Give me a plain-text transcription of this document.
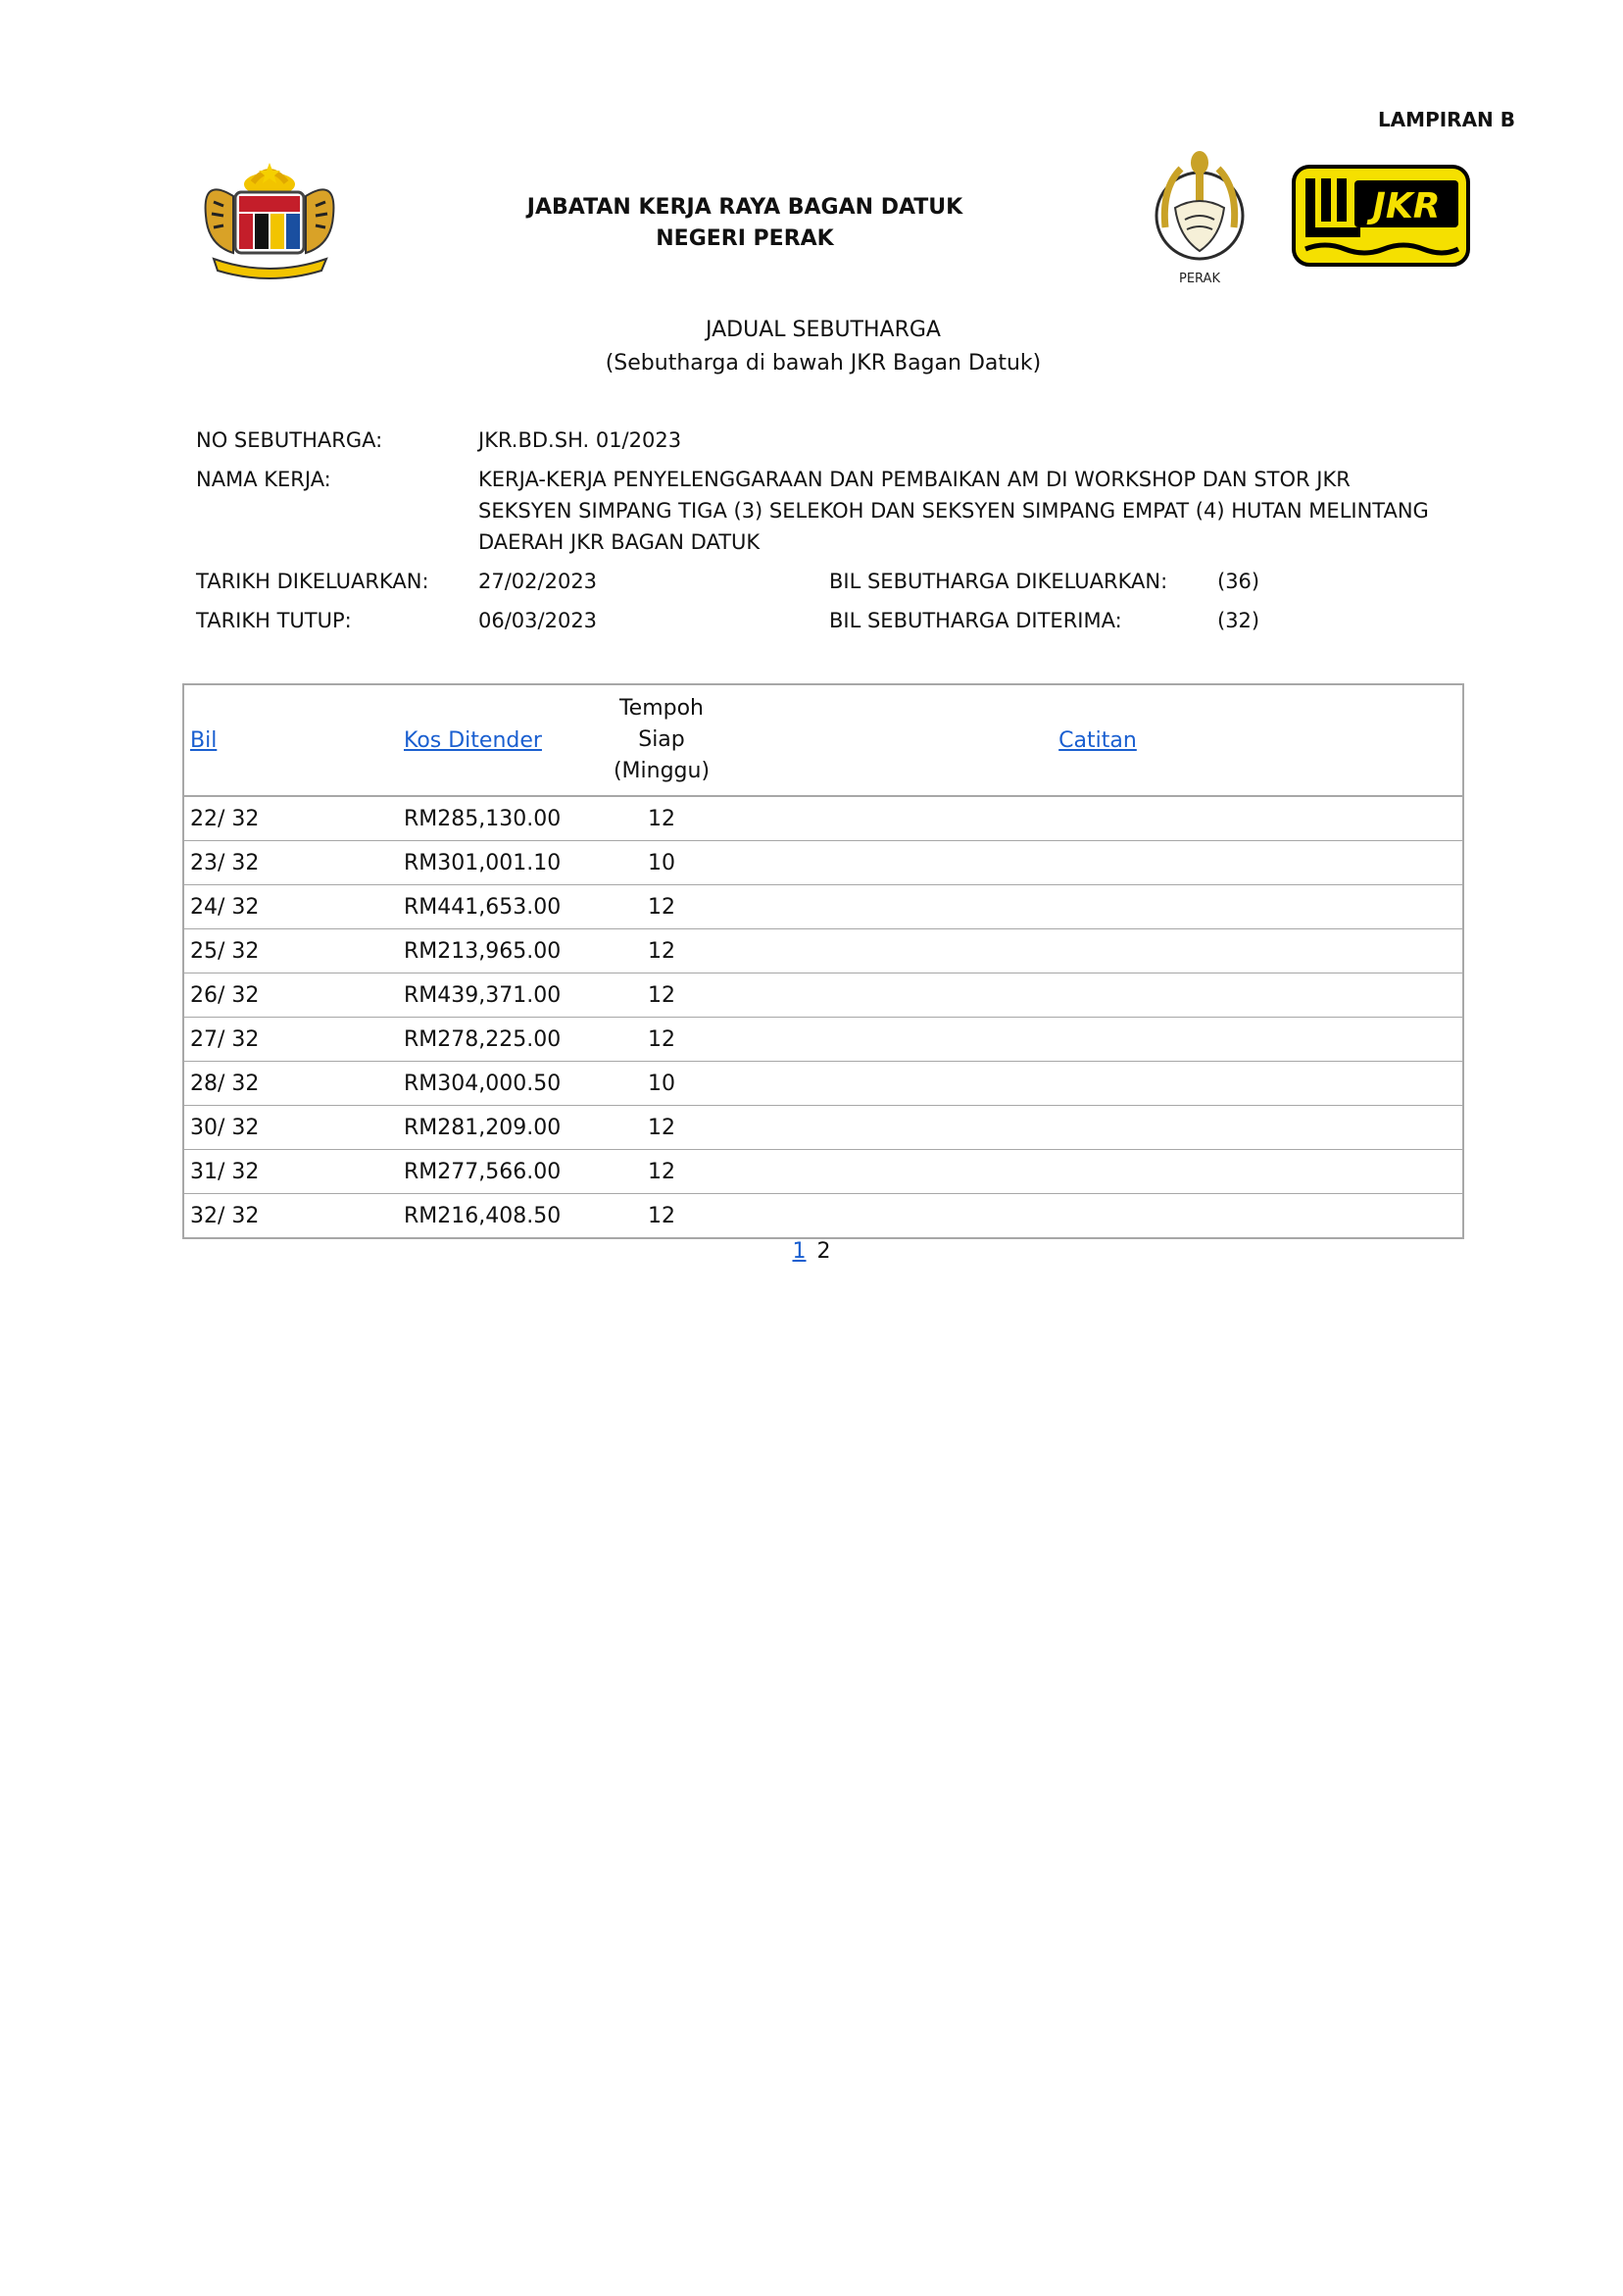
LAMPIRAN B
JABATAN KERJA RAYA BAGAN DATUK
NEGERI PERAK
PERAK
JKR
JADUAL SEBUTHARGA
(Sebutharga di bawah JKR Bagan Datuk)
NO SEBUTHARGA:	JKR.BD.SH. 01/2023
NAMA KERJA:	KERJA-KERJA PENYELENGGARAAN DAN PEMBAIKAN AM DI WORKSHOP DAN STOR JKR
SEKSYEN SIMPANG TIGA (3) SELEKOH DAN SEKSYEN SIMPANG EMPAT (4) HUTAN MELINTANG
DAERAH JKR BAGAN DATUK
TARIKH DIKELUARKAN: 27/02/2023	BIL SEBUTHARGA DIKELUARKAN: (36)
TARIKH TUTUP:	06/03/2023	BIL SEBUTHARGA DITERIMA:	(32)
Bil	Kos Ditender	Tempoh
Siap
(Minggu)	Catitan
22/ 32	RM285,130.00	12	
23/ 32	RM301,001.10	10	
24/ 32	RM441,653.00	12	
25/ 32	RM213,965.00	12	
26/ 32	RM439,371.00	12	
27/ 32	RM278,225.00	12	
28/ 32	RM304,000.50	10	
30/ 32	RM281,209.00	12	
31/ 32	RM277,566.00	12	
32/ 32	RM216,408.50	12	
1 2
